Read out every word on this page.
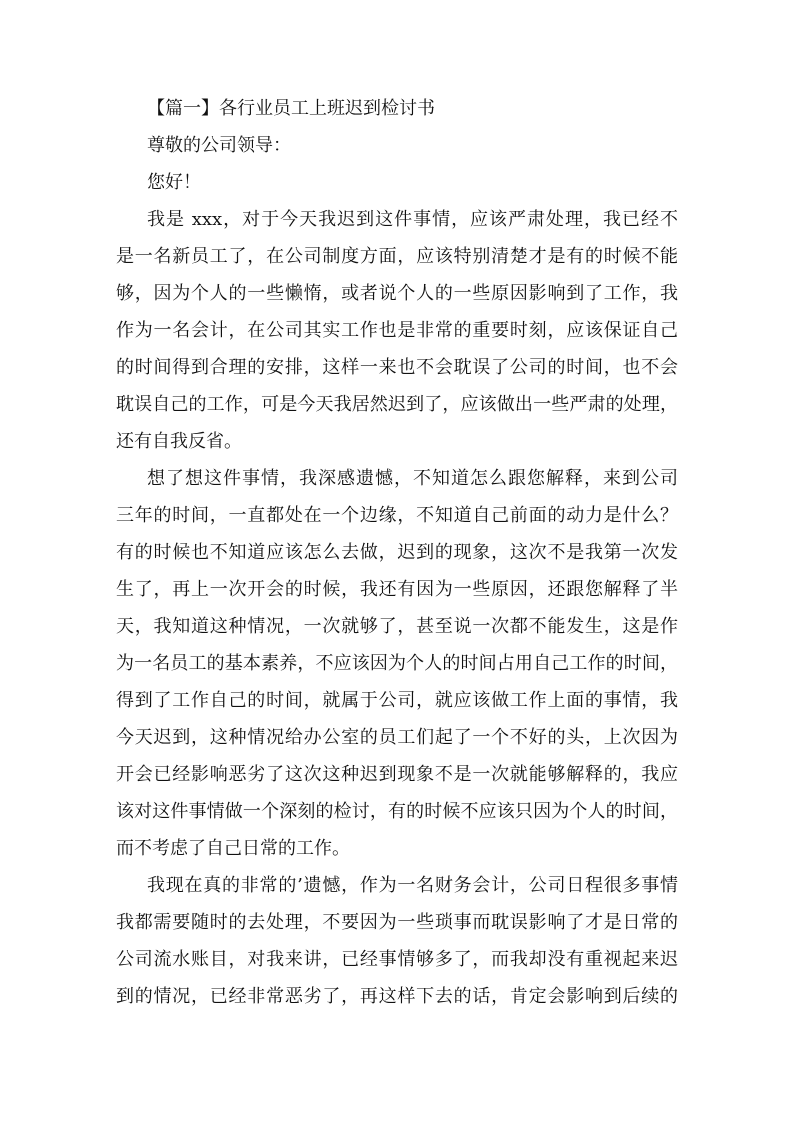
【篇一】各行业员工上班迟到检讨书
尊敬的公司领导：
您好！
我是 xxx，对于今天我迟到这件事情，应该严肃处理，我已经不
是一名新员工了，在公司制度方面，应该特别清楚才是有的时候不能
够，因为个人的一些懒惰，或者说个人的一些原因影响到了工作，我
作为一名会计，在公司其实工作也是非常的重要时刻，应该保证自己
的时间得到合理的安排，这样一来也不会耽误了公司的时间，也不会
耽误自己的工作，可是今天我居然迟到了，应该做出一些严肃的处理，
还有自我反省。
想了想这件事情，我深感遗憾，不知道怎么跟您解释，来到公司
三年的时间，一直都处在一个边缘，不知道自己前面的动力是什么？
有的时候也不知道应该怎么去做，迟到的现象，这次不是我第一次发
生了，再上一次开会的时候，我还有因为一些原因，还跟您解释了半
天，我知道这种情况，一次就够了，甚至说一次都不能发生，这是作
为一名员工的基本素养，不应该因为个人的时间占用自己工作的时间，
得到了工作自己的时间，就属于公司，就应该做工作上面的事情，我
今天迟到，这种情况给办公室的员工们起了一个不好的头，上次因为
开会已经影响恶劣了这次这种迟到现象不是一次就能够解释的，我应
该对这件事情做一个深刻的检讨，有的时候不应该只因为个人的时间，
而不考虑了自己日常的工作。
我现在真的非常的’遗憾，作为一名财务会计，公司日程很多事情
我都需要随时的去处理，不要因为一些琐事而耽误影响了才是日常的
公司流水账目，对我来讲，已经事情够多了，而我却没有重视起来迟
到的情况，已经非常恶劣了，再这样下去的话，肯定会影响到后续的
